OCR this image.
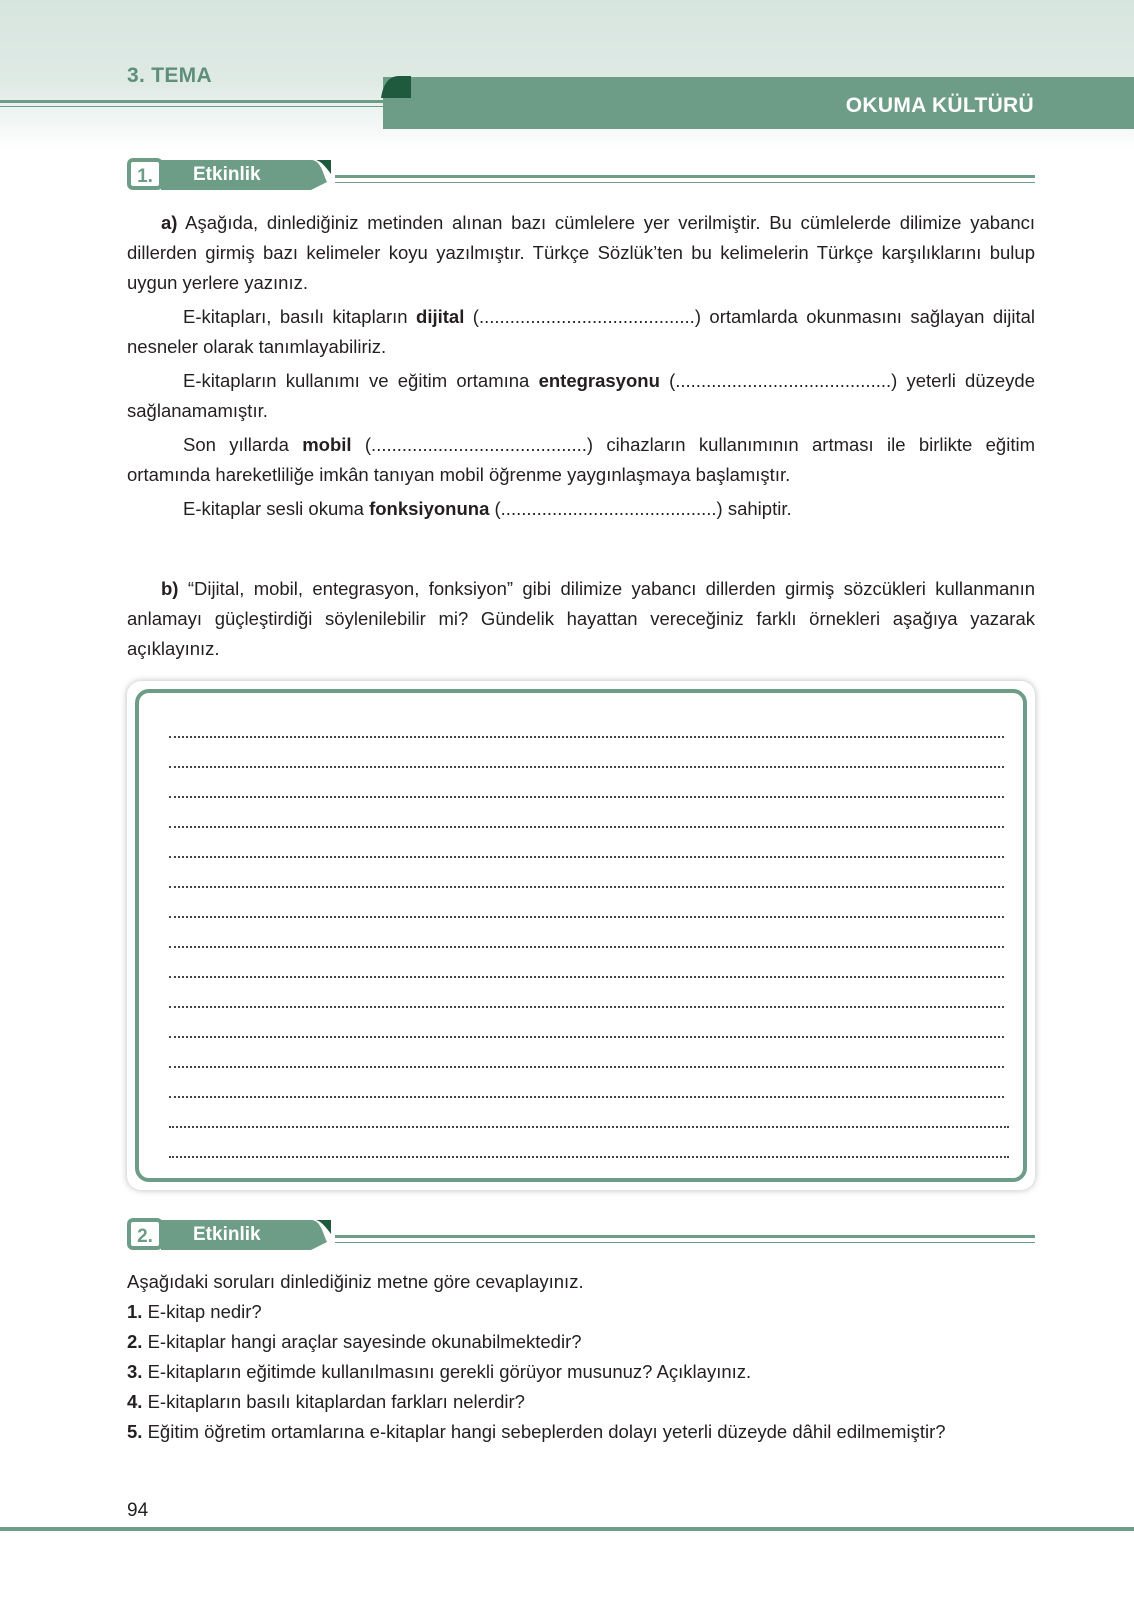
3. TEMA
OKUMA KÜLTÜRÜ
1.	Etkinlik

a) Aşağıda, dinlediğiniz metinden alınan bazı cümlelere yer verilmiştir. Bu cümlelerde dilimize yabancı dillerden girmiş bazı kelimeler koyu yazılmıştır. Türkçe Sözlük’ten bu kelimelerin Türkçe karşılıklarını bulup uygun yerlere yazınız.

E-kitapları, basılı kitapların dijital (..........................................) ortamlarda okunmasını sağlayan dijital nesneler olarak tanımlayabiliriz.

E-kitapların kullanımı ve eğitim ortamına entegrasyonu (..........................................) yeterli düzeyde sağlanamamıştır.

Son yıllarda mobil (..........................................) cihazların kullanımının artması ile birlikte eğitim ortamında hareketliliğe imkân tanıyan mobil öğrenme yaygınlaşmaya başlamıştır.

E-kitaplar sesli okuma fonksiyonuna (..........................................) sahiptir.

b) “Dijital, mobil, entegrasyon, fonksiyon” gibi dilimize yabancı dillerden girmiş sözcükleri kullanmanın anlamayı güçleştirdiği söylenilebilir mi? Gündelik hayattan vereceğiniz farklı örnekleri aşağıya yazarak açıklayınız.

2.	Etkinlik

Aşağıdaki soruları dinlediğiniz metne göre cevaplayınız.

1. E-kitap nedir?

2. E-kitaplar hangi araçlar sayesinde okunabilmektedir?

3. E-kitapların eğitimde kullanılmasını gerekli görüyor musunuz? Açıklayınız.

4. E-kitapların basılı kitaplardan farkları nelerdir?

5. Eğitim öğretim ortamlarına e-kitaplar hangi sebeplerden dolayı yeterli düzeyde dâhil edilmemiştir?

94
